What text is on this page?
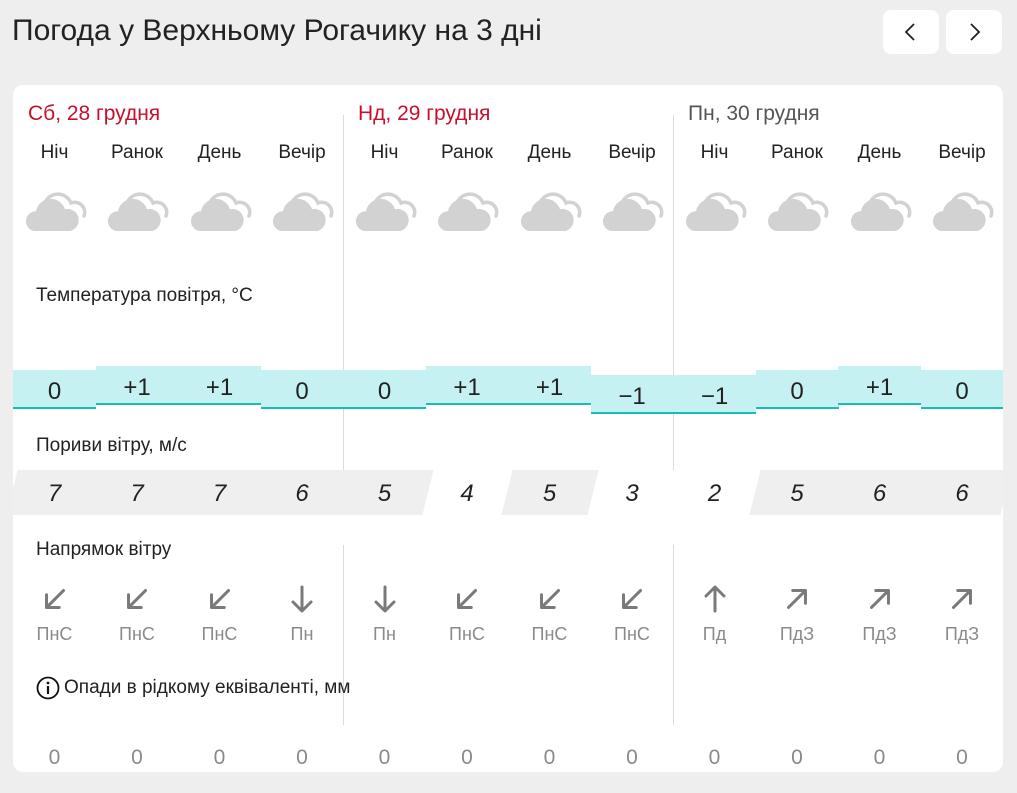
Погода у Верхньому Рогачику на 3 дні
Сб, 28 грудня	Нд, 29 грудня	Пн, 30 грудня
Ніч	Ранок	День	Вечір	Ніч	Ранок	День	Вечір	Ніч	Ранок	День	Вечір
Температура повітря, °C
0	+1	+1	0	0	+1	+1	−1	−1	0	+1	0
Пориви вітру, м/с
7	7	7	6	5	4	5	3	2	5	6	6
Напрямок вітру
ПнС	ПнС	ПнС	Пн	Пн	ПнС	ПнС	ПнС	Пд	ПдЗ	ПдЗ	ПдЗ
Опади в рідкому еквіваленті, мм
0	0	0	0	0	0	0	0	0	0	0	0
